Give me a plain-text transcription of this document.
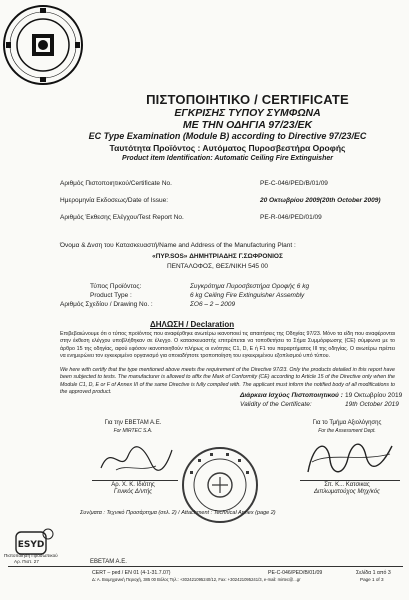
ΠΙΣΤΟΠΟΙΗΤΙΚΟ / CERTIFICATE
ΕΓΚΡΙΣΗΣ ΤΥΠΟΥ ΣΥΜΦΩΝΑ
ΜΕ ΤΗΝ ΟΔΗΓΙΑ 97/23/ΕΚ
EC Type Examination (Module B) according to Directive 97/23/EC
Ταυτότητα Προϊόντος : Αυτόματος Πυροσβεστήρα Οροφής
Product item Identification: Automatic Ceiling Fire Extinguisher
Αριθμός Πιστοποιητικού/Certificate No.	PE-C-046/PED/B/01/09
Ημερομηνία Εκδοσεως/Date of Issue:	20 Οκτωβρίου 2009(20th October 2009)
Αριθμός Έκθεσης Ελέγχου/Test Report No.	PE-R-046/PED/01/09
Όνομα & Δνση του Κατασκευαστή/Name and Address of the Manufacturing Plant :
«ΠΥΡ.SOS» ΔΗΜΗΤΡΙΑΔΗΣ Γ.ΣΩΦΡΟΝΙΟΣ
ΠΕΝΤΑΛΟΦΟΣ, ΘΕΣ/ΝΙΚΗ 545 00
Τύπος Προϊόντος:	Συγκρότημα Πυροσβεστήρα Οροφής 6 kg
Product Type :	6 kg Ceiling Fire Extinguisher Assembly
Αριθμός Σχεδίου / Drawing No. :	ΣΟ6 – 2 – 2009
ΔΗΛΩΣΗ / Declaration
Επιβεβαιώνουμε ότι ο τύπος προϊόντος που αναφέρθηκε ανωτέρω ικανοποιεί τις απαιτήσεις της Οδηγίας 97/23. Μόνο τα είδη που αναφέρονται στην έκθεση ελέγχου υποβλήθηκαν σε έλεγχο. Ο κατασκευαστής επιτρέπεται να τοποθετήσει το Σήμα Συμμόρφωσης (CE) σύμφωνα με το άρθρο 15 της οδηγίας, αφού εφόσον ικανοποιηθούν πλήρως οι ενότητες C1, D, E ή F1 του παραρτήματος III της οδηγίας. Ο ανωτέρω πρέπει να ενημερώνει τον εγκεκριμένο οργανισμό για οποιαδήποτε τροποποίηση του εγκεκριμένου εξοπλισμού υπό τύπου.
We here with certify that the type mentioned above meets the requirement of the Directive 97/23. Only the products detailed in this report have been subjected to tests. The manufacturer is allowed to affix the Mark of Conformity (CE) according to Article 15 of the Directive only when the Module C1, D, E or F of Annex III of the same Directive is fully complied with. The applicant must inform the notified body of all modifications to the approved product.	Διάρκεια Ισχύος Πιστοποιητικού : 19 Οκτωβρίου 2019
Validity of the Certificate:	19th October 2019
Για την ΕΒΕΤΑΜ Α.Ε.
For MIRTEC S.A.
Αρ. Χ. Κ. Ιδιότης
Γενικός Δ/ντής
Για το Τμήμα Αξιολόγησης
For the Assessment Dept.
Σπ. Κ... Κατσικας
Διπλωματούχος Μηχ/κός
Συν/ματα : Τεχνικό Προσάρτημα (σελ. 2) / Attachment : Technical Annex (page 2)
ESYD
Πιστοποίηση Προσωπικού
Αρ. Πιστ. 27	ΕΒΕΤΑΜ Α.Ε.
CERT – ped / EN 01 (4-1-31.7.07)	PE-C-046/PED/B/01/09	Σελίδα 1 από 3
Δ: Α. Βιομηχανική Περιοχή, 385 00 Βόλος Τηλ.: +302421095240/12, Fax: +302421095241/3, e-mail: mirtec@...gr	Page 1 of 3
